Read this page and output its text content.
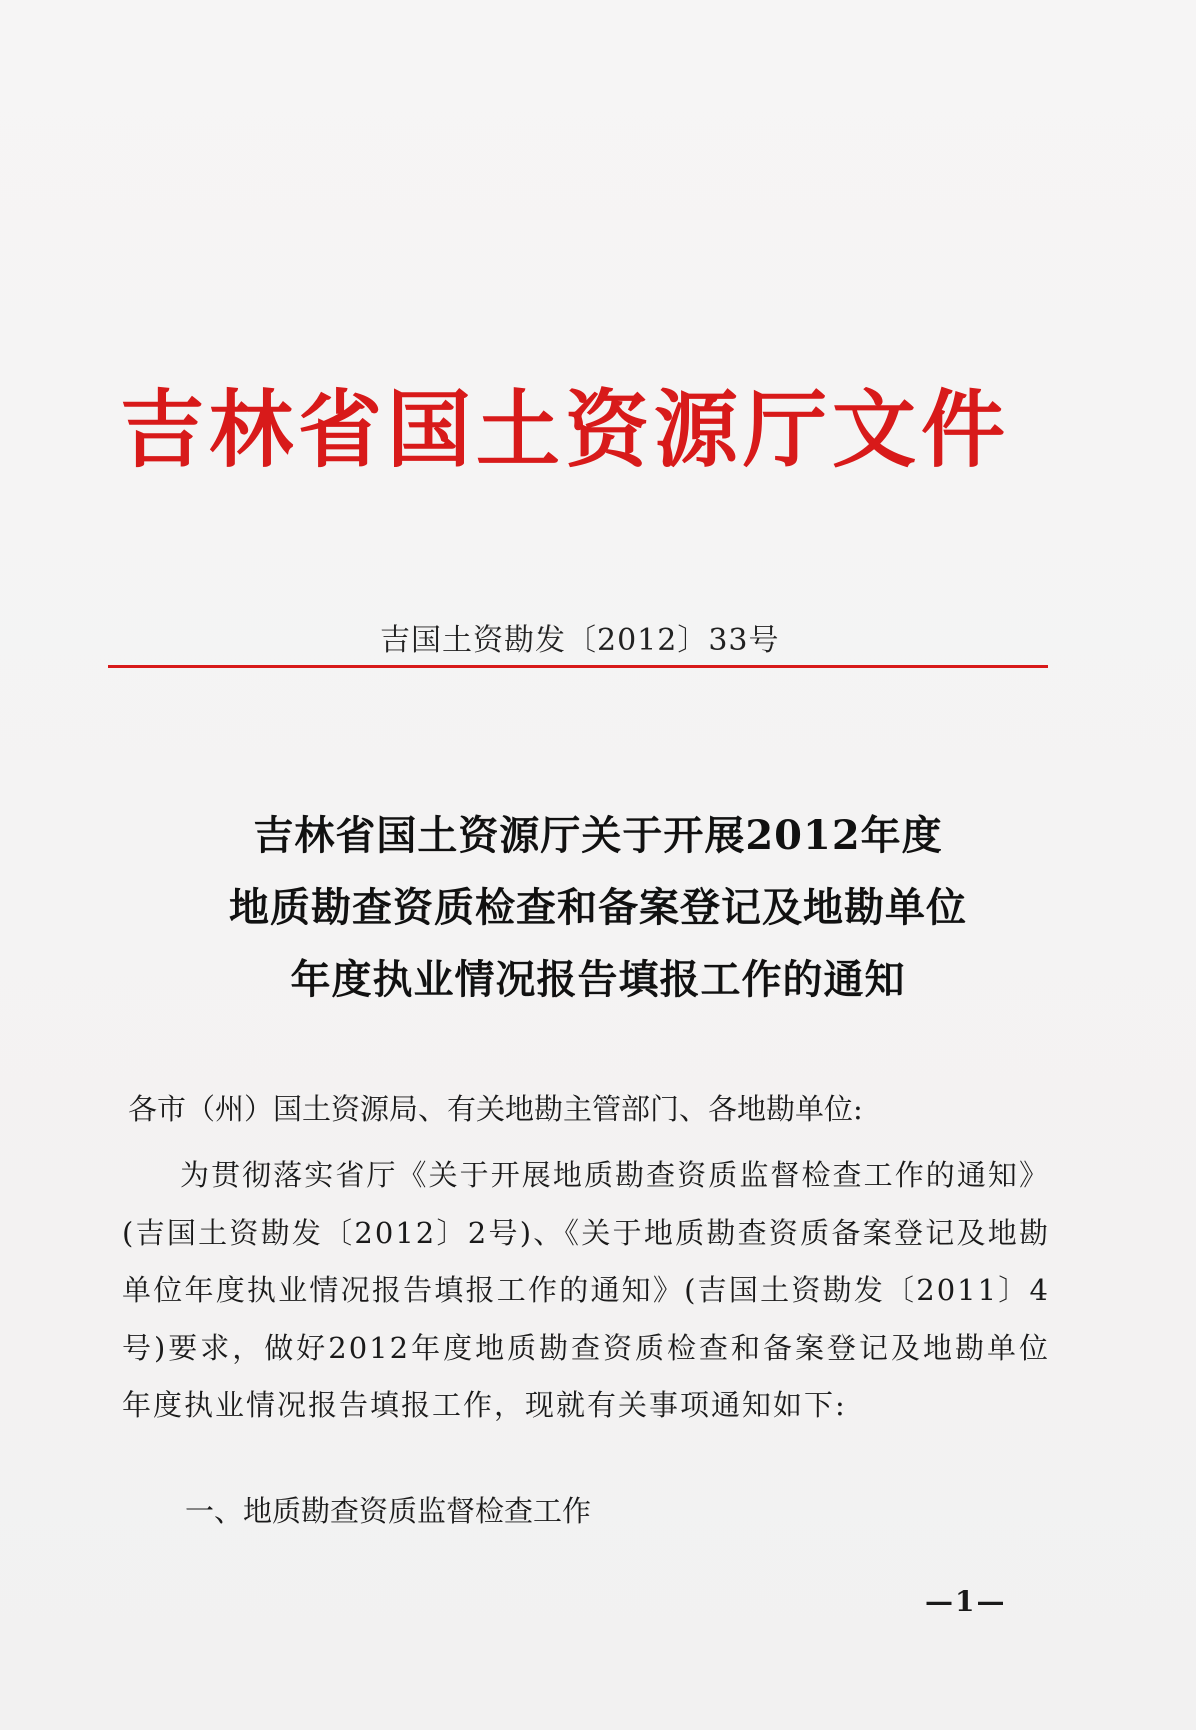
吉林省国土资源厅文件
吉国土资勘发〔2012〕33号
吉林省国土资源厅关于开展2012年度
地质勘查资质检查和备案登记及地勘单位
年度执业情况报告填报工作的通知
各市（州）国土资源局、有关地勘主管部门、各地勘单位:

为贯彻落实省厅《关于开展地质勘查资质监督检查工作的通知》(吉国土资勘发〔2012〕2号)、《关于地质勘查资质备案登记及地勘单位年度执业情况报告填报工作的通知》(吉国土资勘发〔2011〕4号)要求，做好2012年度地质勘查资质检查和备案登记及地勘单位年度执业情况报告填报工作，现就有关事项通知如下:

一、地质勘查资质监督检查工作
—1—
